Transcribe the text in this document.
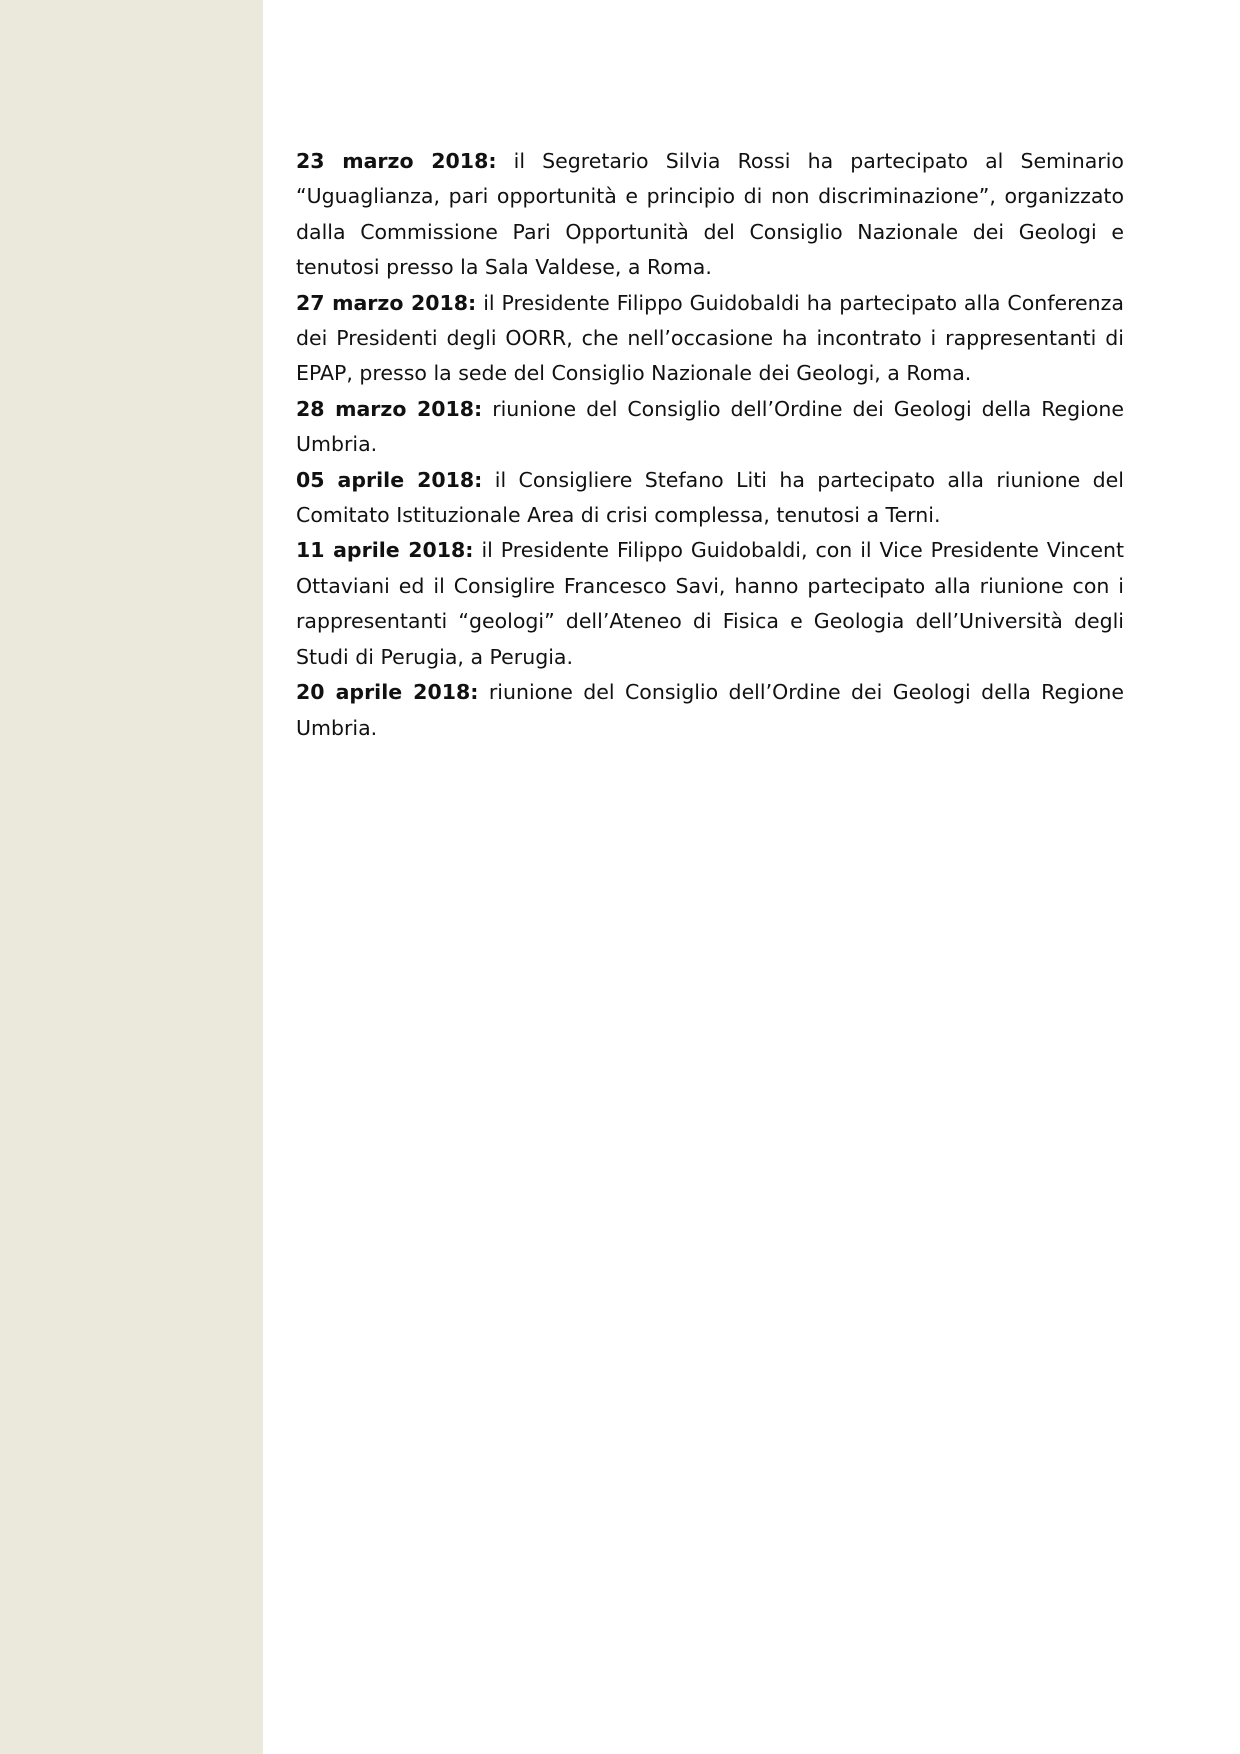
23 marzo 2018: il Segretario Silvia Rossi ha partecipato al Seminario “Uguaglianza, pari opportunità e principio di non discriminazione”, organizzato dalla Commissione Pari Opportunità del Consiglio Nazionale dei Geologi e tenutosi presso la Sala Valdese, a Roma.

27 marzo 2018: il Presidente Filippo Guidobaldi ha partecipato alla Conferenza dei Presidenti degli OORR, che nell’occasione ha incontrato i rappresentanti di EPAP, presso la sede del Consiglio Nazionale dei Geologi, a Roma.

28 marzo 2018: riunione del Consiglio dell’Ordine dei Geologi della Regione Umbria.

05 aprile 2018: il Consigliere Stefano Liti ha partecipato alla riunione del Comitato Istituzionale Area di crisi complessa, tenutosi a Terni.

11 aprile 2018: il Presidente Filippo Guidobaldi, con il Vice Presidente Vincent Ottaviani ed il Consiglire Francesco Savi, hanno partecipato alla riunione con i rappresentanti “geologi” dell’Ateneo di Fisica e Geologia dell’Università degli Studi di Perugia, a Perugia.

20 aprile 2018: riunione del Consiglio dell’Ordine dei Geologi della Regione Umbria.
